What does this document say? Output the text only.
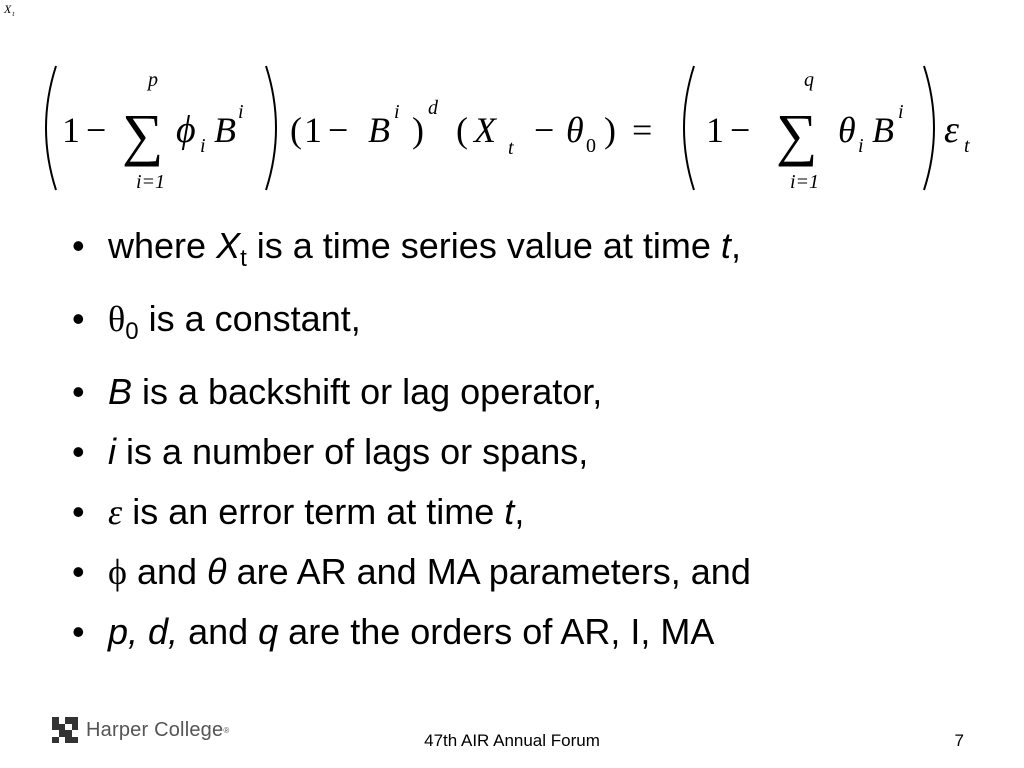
$X_t$
1 −
p
∑
i=1
ϕ i B i ( 1 − B i )
d
( X t − θ 0 ) = 1 −
q
∑
i=1
θ i B i ε t
• where $X_t$ is a time series value at time t,
• $\theta_0$ is a constant,
• B is a backshift or lag operator,
• i is a number of lags or spans,
• ε is an error term at time t,
• ϕ and θ are AR and MA parameters, and
• p, d, and q are the orders of AR, I, MA
Harper College ®
47th AIR Annual Forum	7
